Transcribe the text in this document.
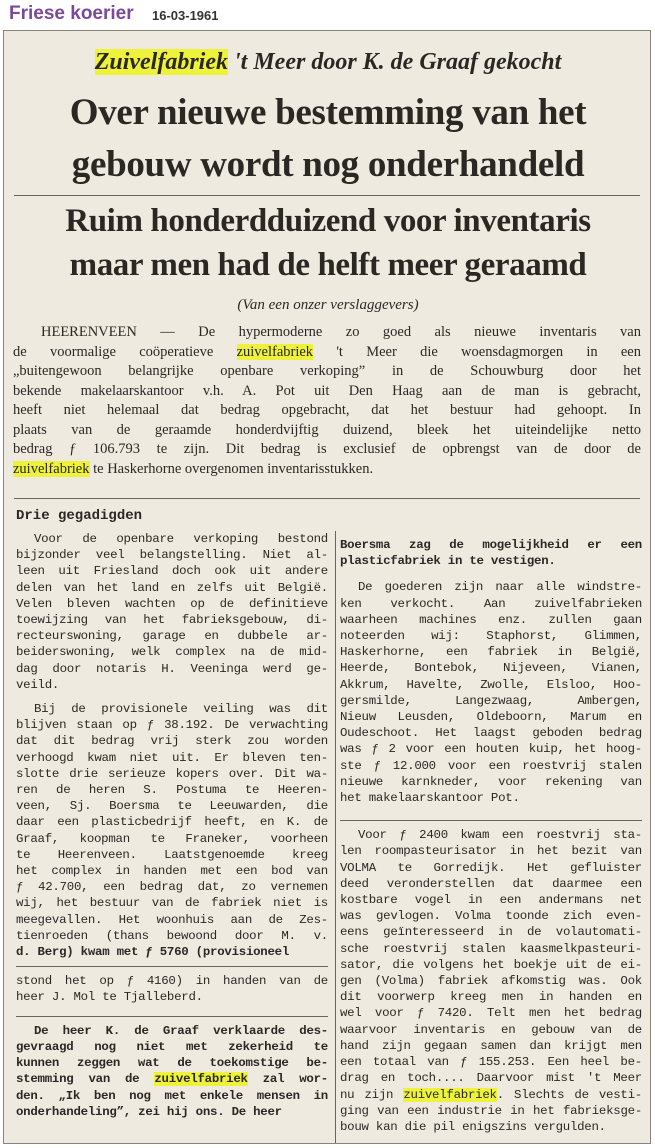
Friese koerier 16-03-1961
Zuivelfabriek 't Meer door K. de Graaf gekocht
Over nieuwe bestemming van het
gebouw wordt nog onderhandeld
Ruim honderdduizend voor inventaris
maar men had de helft meer geraamd
(Van een onzer verslaggevers)
HEERENVEEN — De hypermoderne zo goed als nieuwe inventaris van
de voormalige coöperatieve zuivelfabriek 't Meer die woensdagmorgen in een
„buitengewoon belangrijke openbare verkoping” in de Schouwburg door het
bekende makelaarskantoor v.h. A. Pot uit Den Haag aan de man is gebracht,
heeft niet helemaal dat bedrag opgebracht, dat het bestuur had gehoopt. In
plaats van de geraamde honderdvijftig duizend, bleek het uiteindelijke netto
bedrag ƒ 106.793 te zijn. Dit bedrag is exclusief de opbrengst van de door de
zuivelfabriek te Haskerhorne overgenomen inventarisstukken.
Drie gegadigden
Voor de openbare verkoping bestond
bijzonder veel belangstelling. Niet al-
leen uit Friesland doch ook uit andere
delen van het land en zelfs uit België.
Velen bleven wachten op de definitieve
toewijzing van het fabrieksgebouw, di-
recteurswoning, garage en dubbele ar-
beiderswoning, welk complex na de mid-
dag door notaris H. Veeninga werd ge-
veild.
Bij de provisionele veiling was dit
blijven staan op ƒ 38.192. De verwachting
dat dit bedrag vrij sterk zou worden
verhoogd kwam niet uit. Er bleven ten-
slotte drie serieuze kopers over. Dit wa-
ren de heren S. Postuma te Heeren-
veen, Sj. Boersma te Leeuwarden, die
daar een plasticbedrijf heeft, en K. de
Graaf, koopman te Franeker, voorheen
te Heerenveen. Laatstgenoemde kreeg
het complex in handen met een bod van
ƒ 42.700, een bedrag dat, zo vernemen
wij, het bestuur van de fabriek niet is
meegevallen. Het woonhuis aan de Zes-
tienroeden (thans bewoond door M. v.
d. Berg) kwam met ƒ 5760 (provisioneel
stond het op ƒ 4160) in handen van de
heer J. Mol te Tjalleberd.
De heer K. de Graaf verklaarde des-
gevraagd nog niet met zekerheid te
kunnen zeggen wat de toekomstige be-
stemming van de zuivelfabriek zal wor-
den. „Ik ben nog met enkele mensen in
onderhandeling”, zei hij ons. De heer
Boersma zag de mogelijkheid er een
plasticfabriek in te vestigen.
De goederen zijn naar alle windstre-
ken verkocht. Aan zuivelfabrieken
waarheen machines enz. zullen gaan
noteerden wij: Staphorst, Glimmen,
Haskerhorne, een fabriek in België,
Heerde, Bontebok, Nijeveen, Vianen,
Akkrum, Havelte, Zwolle, Elsloo, Hoo-
gersmilde, Langezwaag, Ambergen,
Nieuw Leusden, Oldeboorn, Marum en
Oudeschoot. Het laagst geboden bedrag
was ƒ 2 voor een houten kuip, het hoog-
ste ƒ 12.000 voor een roestvrij stalen
nieuwe karnkneder, voor rekening van
het makelaarskantoor Pot.
Voor ƒ 2400 kwam een roestvrij sta-
len roompasteurisator in het bezit van
VOLMA te Gorredijk. Het gefluister
deed veronderstellen dat daarmee een
kostbare vogel in een andermans net
was gevlogen. Volma toonde zich even-
eens geïnteresseerd in de volautomati-
sche roestvrij stalen kaasmelkpasteuri-
sator, die volgens het boekje uit de ei-
gen (Volma) fabriek afkomstig was. Ook
dit voorwerp kreeg men in handen en
wel voor ƒ 7420. Telt men het bedrag
waarvoor inventaris en gebouw van de
hand zijn gegaan samen dan krijgt men
een totaal van ƒ 155.253. Een heel be-
drag en toch.... Daarvoor mist 't Meer
nu zijn zuivelfabriek. Slechts de vesti-
ging van een industrie in het fabrieksge-
bouw kan die pil enigszins vergulden.
